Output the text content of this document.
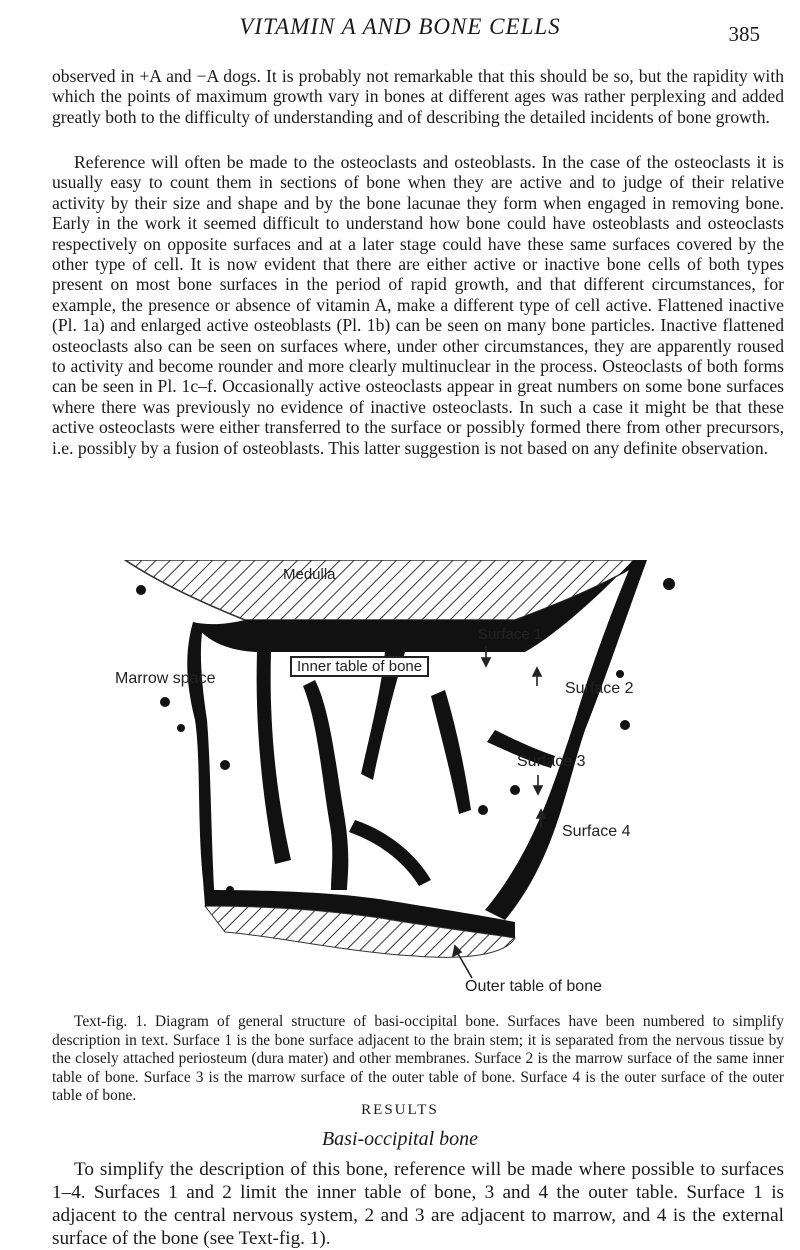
VITAMIN A AND BONE CELLS	385

observed in +A and −A dogs. It is probably not remarkable that this should be so, but the rapidity with which the points of maximum growth vary in bones at different ages was rather perplexing and added greatly both to the difficulty of understanding and of describing the detailed incidents of bone growth.

Reference will often be made to the osteoclasts and osteoblasts. In the case of the osteoclasts it is usually easy to count them in sections of bone when they are active and to judge of their relative activity by their size and shape and by the bone lacunae they form when engaged in removing bone. Early in the work it seemed difficult to understand how bone could have osteoblasts and osteoclasts respectively on opposite surfaces and at a later stage could have these same surfaces covered by the other type of cell. It is now evident that there are either active or inactive bone cells of both types present on most bone surfaces in the period of rapid growth, and that different circumstances, for example, the presence or absence of vitamin A, make a different type of cell active. Flattened inactive (Pl. 1a) and enlarged active osteoblasts (Pl. 1b) can be seen on many bone particles. Inactive flattened osteoclasts also can be seen on surfaces where, under other circumstances, they are apparently roused to activity and become rounder and more clearly multinuclear in the process. Osteoclasts of both forms can be seen in Pl. 1c–f. Occasionally active osteoclasts appear in great numbers on some bone surfaces where there was previously no evidence of inactive osteoclasts. In such a case it might be that these active osteoclasts were either transferred to the surface or possibly formed there from other precursors, i.e. possibly by a fusion of osteoblasts. This latter suggestion is not based on any definite observation.

Medulla
Marrow space
Inner table of bone
Surface 1
Surface 2
Surface 3
Surface 4
Outer table of bone

Text-fig. 1. Diagram of general structure of basi-occipital bone. Surfaces have been numbered to simplify description in text. Surface 1 is the bone surface adjacent to the brain stem; it is separated from the nervous tissue by the closely attached periosteum (dura mater) and other membranes. Surface 2 is the marrow surface of the same inner table of bone. Surface 3 is the marrow surface of the outer table of bone. Surface 4 is the outer surface of the outer table of bone.

RESULTS
Basi-occipital bone

To simplify the description of this bone, reference will be made where possible to surfaces 1–4. Surfaces 1 and 2 limit the inner table of bone, 3 and 4 the outer table. Surface 1 is adjacent to the central nervous system, 2 and 3 are adjacent to marrow, and 4 is the external surface of the bone (see Text-fig. 1).
